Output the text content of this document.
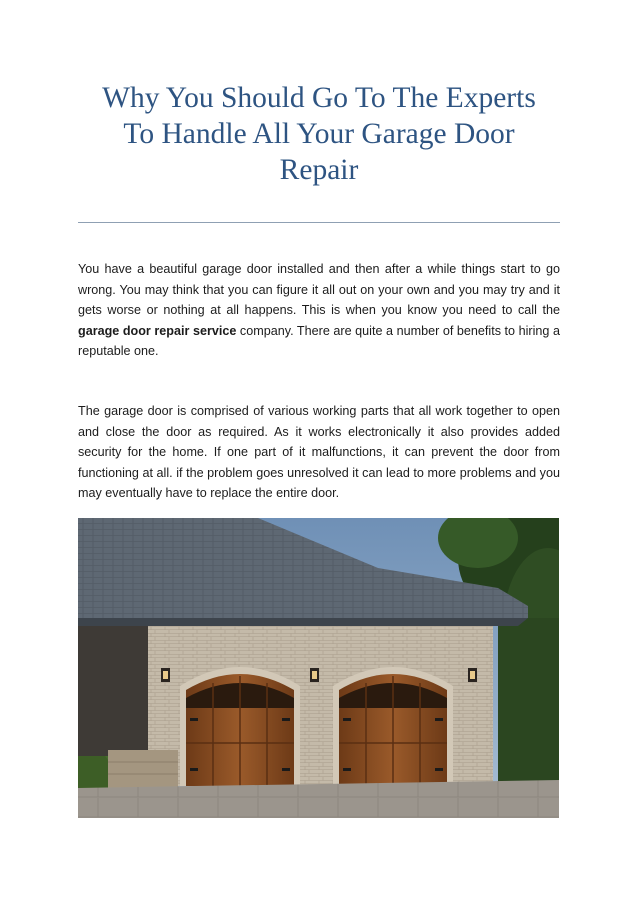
Why You Should Go To The Experts
To Handle All Your Garage Door
Repair

You have a beautiful garage door installed and then after a while things start to go wrong. You may think that you can figure it all out on your own and you may try and it gets worse or nothing at all happens. This is when you know you need to call the garage door repair service company. There are quite a number of benefits to hiring a reputable one.

The garage door is comprised of various working parts that all work together to open and close the door as required. As it works electronically it also provides added security for the home. If one part of it malfunctions, it can prevent the door from functioning at all. if the problem goes unresolved it can lead to more problems and you may eventually have to replace the entire door.
